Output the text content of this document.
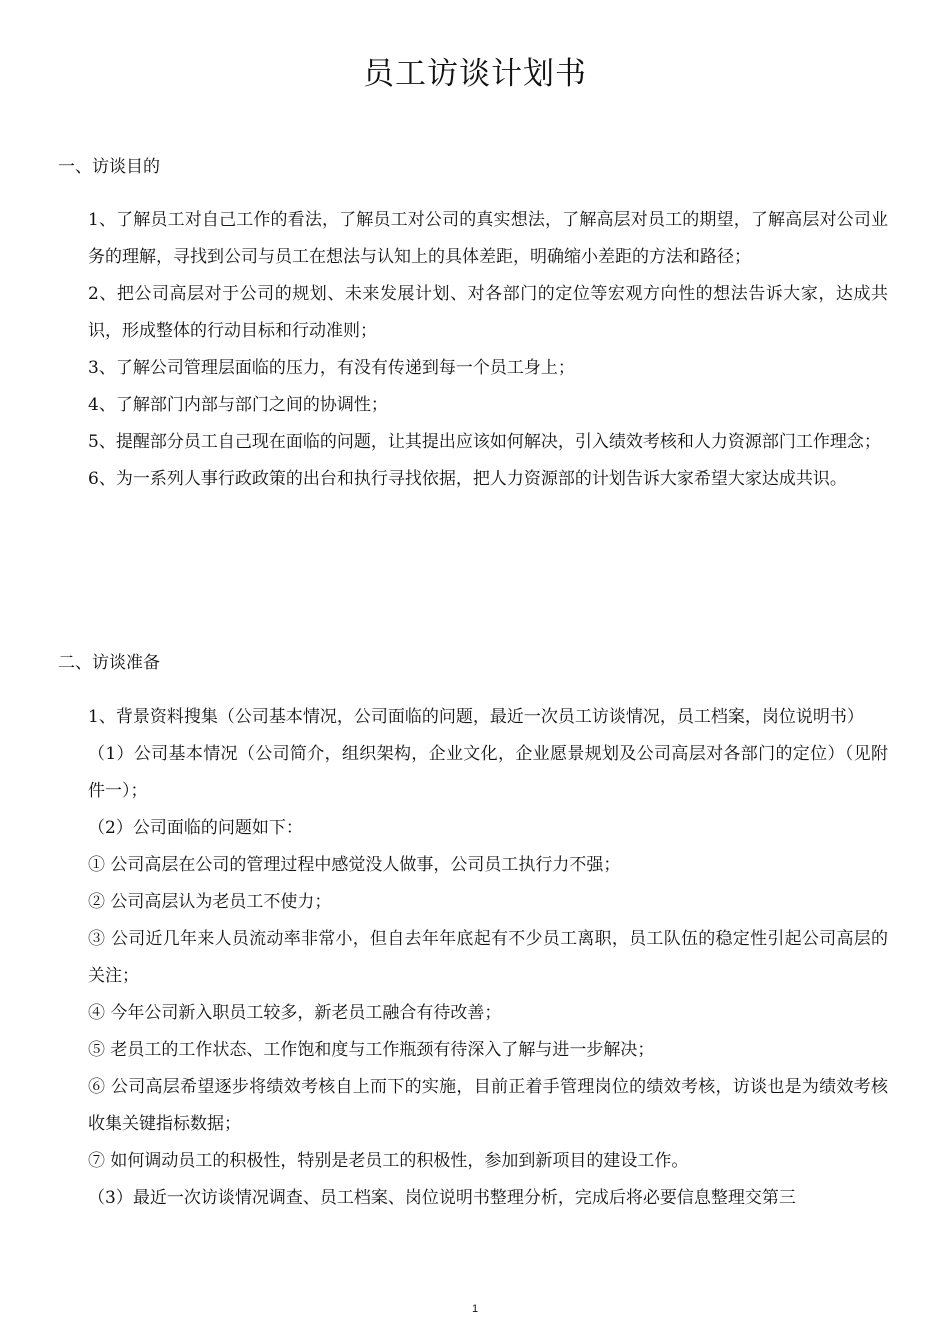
员工访谈计划书
一、访谈目的

1、了解员工对自己工作的看法，了解员工对公司的真实想法，了解高层对员工的期望，了解高层对公司业务的理解，寻找到公司与员工在想法与认知上的具体差距，明确缩小差距的方法和路径；

2、把公司高层对于公司的规划、未来发展计划、对各部门的定位等宏观方向性的想法告诉大家，达成共识，形成整体的行动目标和行动准则；

3、了解公司管理层面临的压力，有没有传递到每一个员工身上；

4、了解部门内部与部门之间的协调性；

5、提醒部分员工自己现在面临的问题，让其提出应该如何解决，引入绩效考核和人力资源部门工作理念；

6、为一系列人事行政政策的出台和执行寻找依据，把人力资源部的计划告诉大家希望大家达成共识。

二、访谈准备

1、背景资料搜集（公司基本情况，公司面临的问题，最近一次员工访谈情况，员工档案，岗位说明书）

（1）公司基本情况（公司简介，组织架构，企业文化，企业愿景规划及公司高层对各部门的定位）（见附件一）；

（2）公司面临的问题如下：

① 公司高层在公司的管理过程中感觉没人做事，公司员工执行力不强；

② 公司高层认为老员工不使力；

③ 公司近几年来人员流动率非常小，但自去年年底起有不少员工离职，员工队伍的稳定性引起公司高层的关注；

④ 今年公司新入职员工较多，新老员工融合有待改善；

⑤ 老员工的工作状态、工作饱和度与工作瓶颈有待深入了解与进一步解决；

⑥ 公司高层希望逐步将绩效考核自上而下的实施，目前正着手管理岗位的绩效考核，访谈也是为绩效考核收集关键指标数据；

⑦ 如何调动员工的积极性，特别是老员工的积极性，参加到新项目的建设工作。

（3）最近一次访谈情况调查、员工档案、岗位说明书整理分析，完成后将必要信息整理交第三

1
